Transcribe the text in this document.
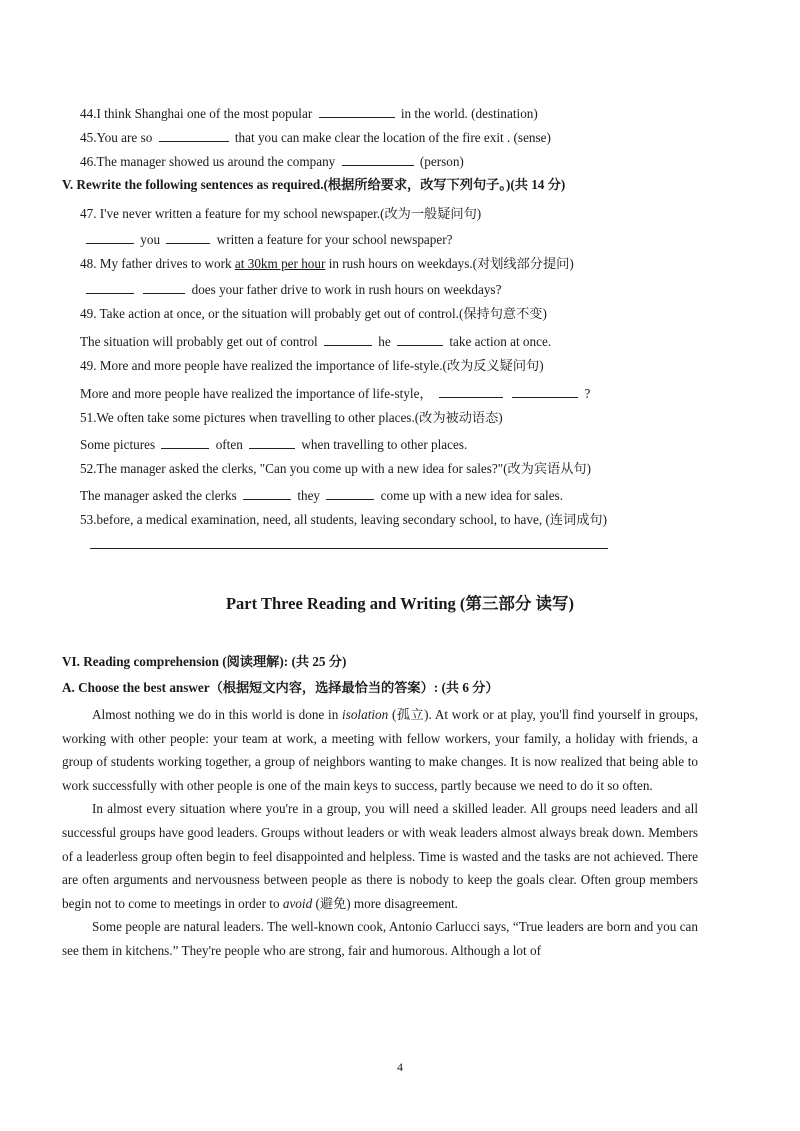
44.I think Shanghai one of the most popular	in the world. (destination)
45.You are so	that you can make clear the location of the fire exit . (sense)
46.The manager showed us around the company	(person)
V. Rewrite the following sentences as required.(根据所给要求，改写下列句子。)(共 14 分)
47. I've never written a feature for my school newspaper.(改为一般疑问句)
you	written a feature for your school newspaper?
48. My father drives to work at 30km per hour in rush hours on weekdays.(对划线部分提问)
does your father drive to work in rush hours on weekdays?
49. Take action at once, or the situation will probably get out of control.(保持句意不变)
The situation will probably get out of control	he	take action at once.
49. More and more people have realized the importance of life-style.(改为反义疑问句)
More and more people have realized the importance of life-style，	?
51.We often take some pictures when travelling to other places.(改为被动语态)
Some pictures	often	when travelling to other places.
52.The manager asked the clerks, "Can you come up with a new idea for sales?"(改为宾语从句)
The manager asked the clerks	they	come up with a new idea for sales.
53.before, a medical examination, need, all students, leaving secondary school, to have, (连词成句)
Part Three Reading and Writing (第三部分 读写)
VI. Reading comprehension (阅读理解): (共 25 分)
A. Choose the best answer（根据短文内容，选择最恰当的答案）: (共 6 分）

Almost nothing we do in this world is done in isolation (孤立). At work or at play, you'll find yourself in groups, working with other people: your team at work, a meeting with fellow workers, your family, a holiday with friends, a group of students working together, a group of neighbors wanting to make changes. It is now realized that being able to work successfully with other people is one of the main keys to success, partly because we need to do it so often.

In almost every situation where you're in a group, you will need a skilled leader. All groups need leaders and all successful groups have good leaders. Groups without leaders or with weak leaders almost always break down. Members of a leaderless group often begin to feel disappointed and helpless. Time is wasted and the tasks are not achieved. There are often arguments and nervousness between people as there is nobody to keep the goals clear. Often group members begin not to come to meetings in order to avoid (避免) more disagreement.

Some people are natural leaders. The well-known cook, Antonio Carlucci says, “True leaders are born and you can see them in kitchens.” They're people who are strong, fair and humorous. Although a lot of

4
